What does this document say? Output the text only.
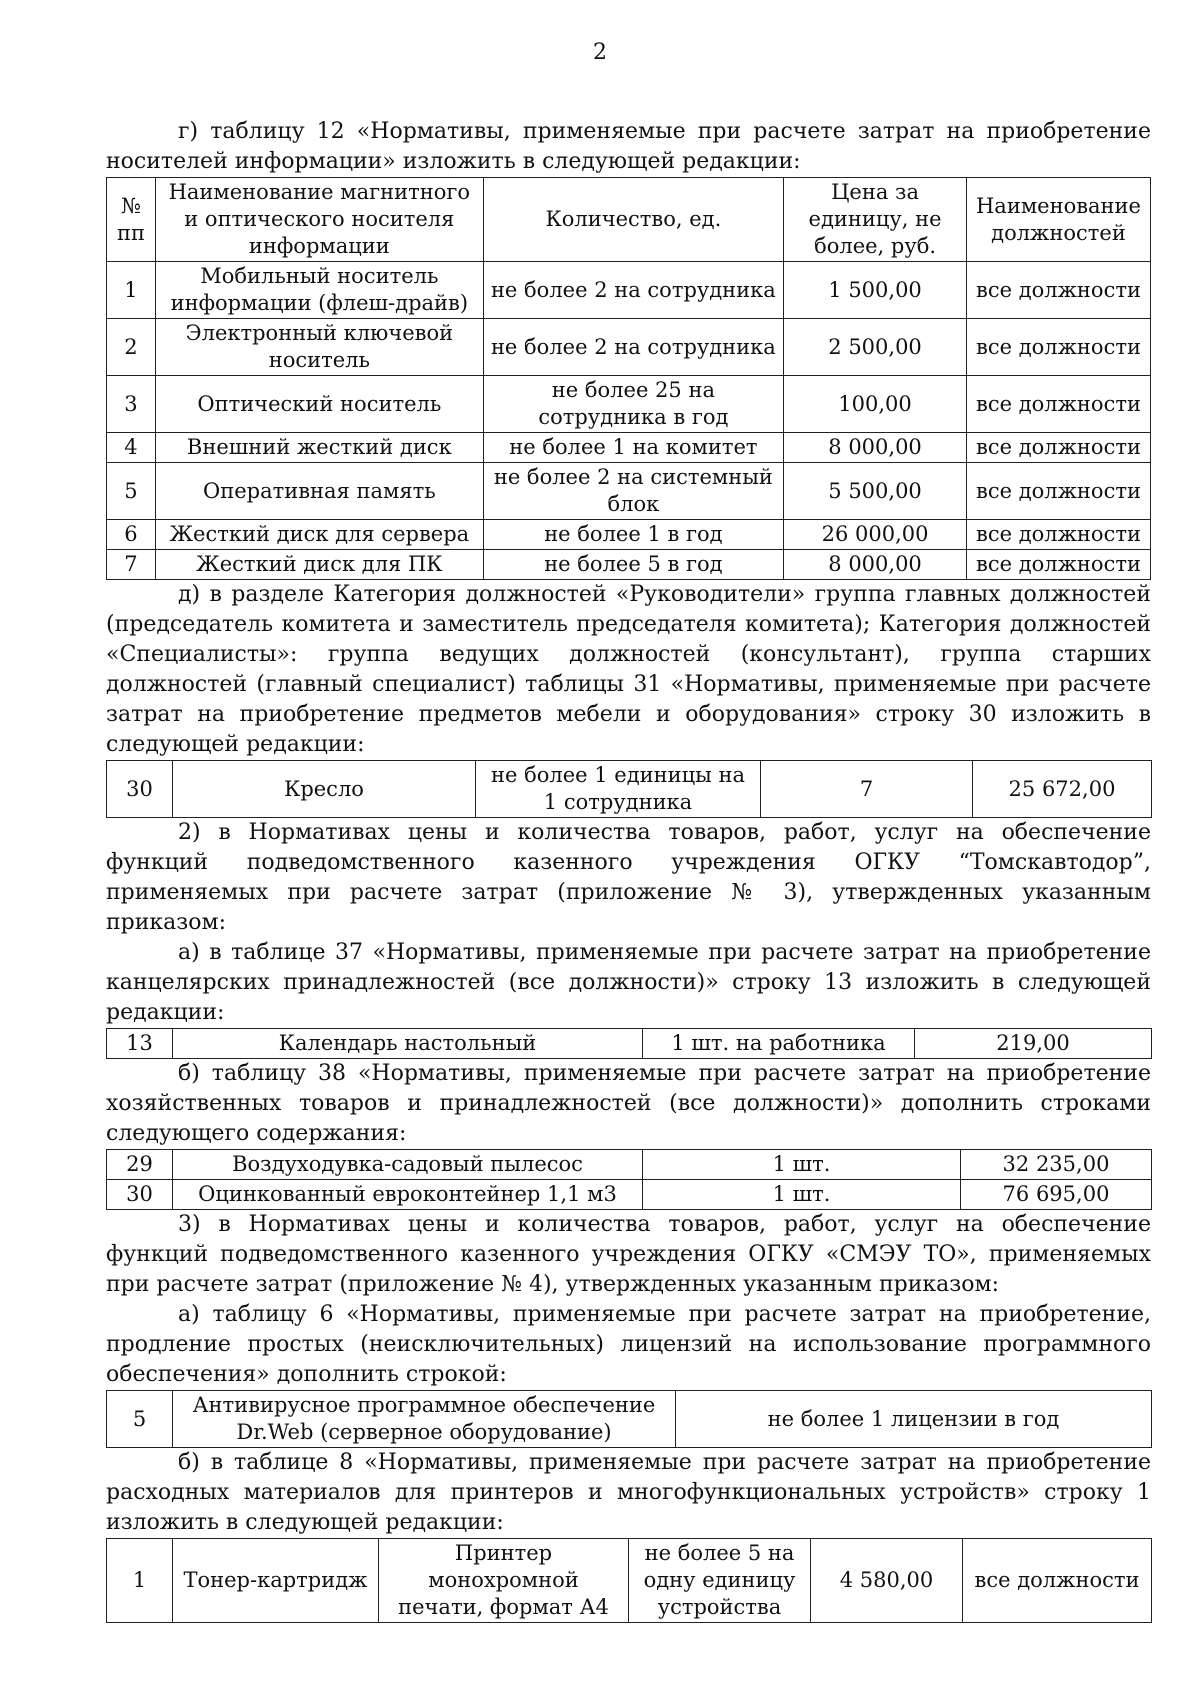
2

г) таблицу 12 «Нормативы, применяемые при расчете затрат на приобретение носителей информации» изложить в следующей редакции:

№ пп	Наименование магнитного и оптического носителя информации	Количество, ед.	Цена за единицу, не более, руб.	Наименование должностей
1	Мобильный носитель информации (флеш-драйв)	не более 2 на сотрудника	1 500,00	все должности
2	Электронный ключевой носитель	не более 2 на сотрудника	2 500,00	все должности
3	Оптический носитель	не более 25 на сотрудника в год	100,00	все должности
4	Внешний жесткий диск	не более 1 на комитет	8 000,00	все должности
5	Оперативная память	не более 2 на системный блок	5 500,00	все должности
6	Жесткий диск для сервера	не более 1 в год	26 000,00	все должности
7	Жесткий диск для ПК	не более 5 в год	8 000,00	все должности

д) в разделе Категория должностей «Руководители» группа главных должностей (председатель комитета и заместитель председателя комитета); Категория должностей «Специалисты»: группа ведущих должностей (консультант), группа старших должностей (главный специалист) таблицы 31 «Нормативы, применяемые при расчете затрат на приобретение предметов мебели и оборудования» строку 30 изложить в следующей редакции:

30	Кресло	не более 1 единицы на 1 сотрудника	7	25 672,00

2) в Нормативах цены и количества товаров, работ, услуг на обеспечение функций подведомственного казенного учреждения ОГКУ “Томскавтодор”, применяемых при расчете затрат (приложение № 3), утвержденных указанным приказом:

а) в таблице 37 «Нормативы, применяемые при расчете затрат на приобретение канцелярских принадлежностей (все должности)» строку 13 изложить в следующей редакции:

13	Календарь настольный	1 шт. на работника	219,00

б) таблицу 38 «Нормативы, применяемые при расчете затрат на приобретение хозяйственных товаров и принадлежностей (все должности)» дополнить строками следующего содержания:

29	Воздуходувка-садовый пылесос	1 шт.	32 235,00
30	Оцинкованный евроконтейнер 1,1 м3	1 шт.	76 695,00

3) в Нормативах цены и количества товаров, работ, услуг на обеспечение функций подведомственного казенного учреждения ОГКУ «СМЭУ ТО», применяемых при расчете затрат (приложение № 4), утвержденных указанным приказом:

а) таблицу 6 «Нормативы, применяемые при расчете затрат на приобретение, продление простых (неисключительных) лицензий на использование программного обеспечения» дополнить строкой:

5	Антивирусное программное обеспечение Dr.Web (серверное оборудование)	не более 1 лицензии в год

б) в таблице 8 «Нормативы, применяемые при расчете затрат на приобретение расходных материалов для принтеров и многофункциональных устройств» строку 1 изложить в следующей редакции:

1	Тонер-картридж	Принтер монохромной печати, формат А4	не более 5 на одну единицу устройства	4 580,00	все должности
